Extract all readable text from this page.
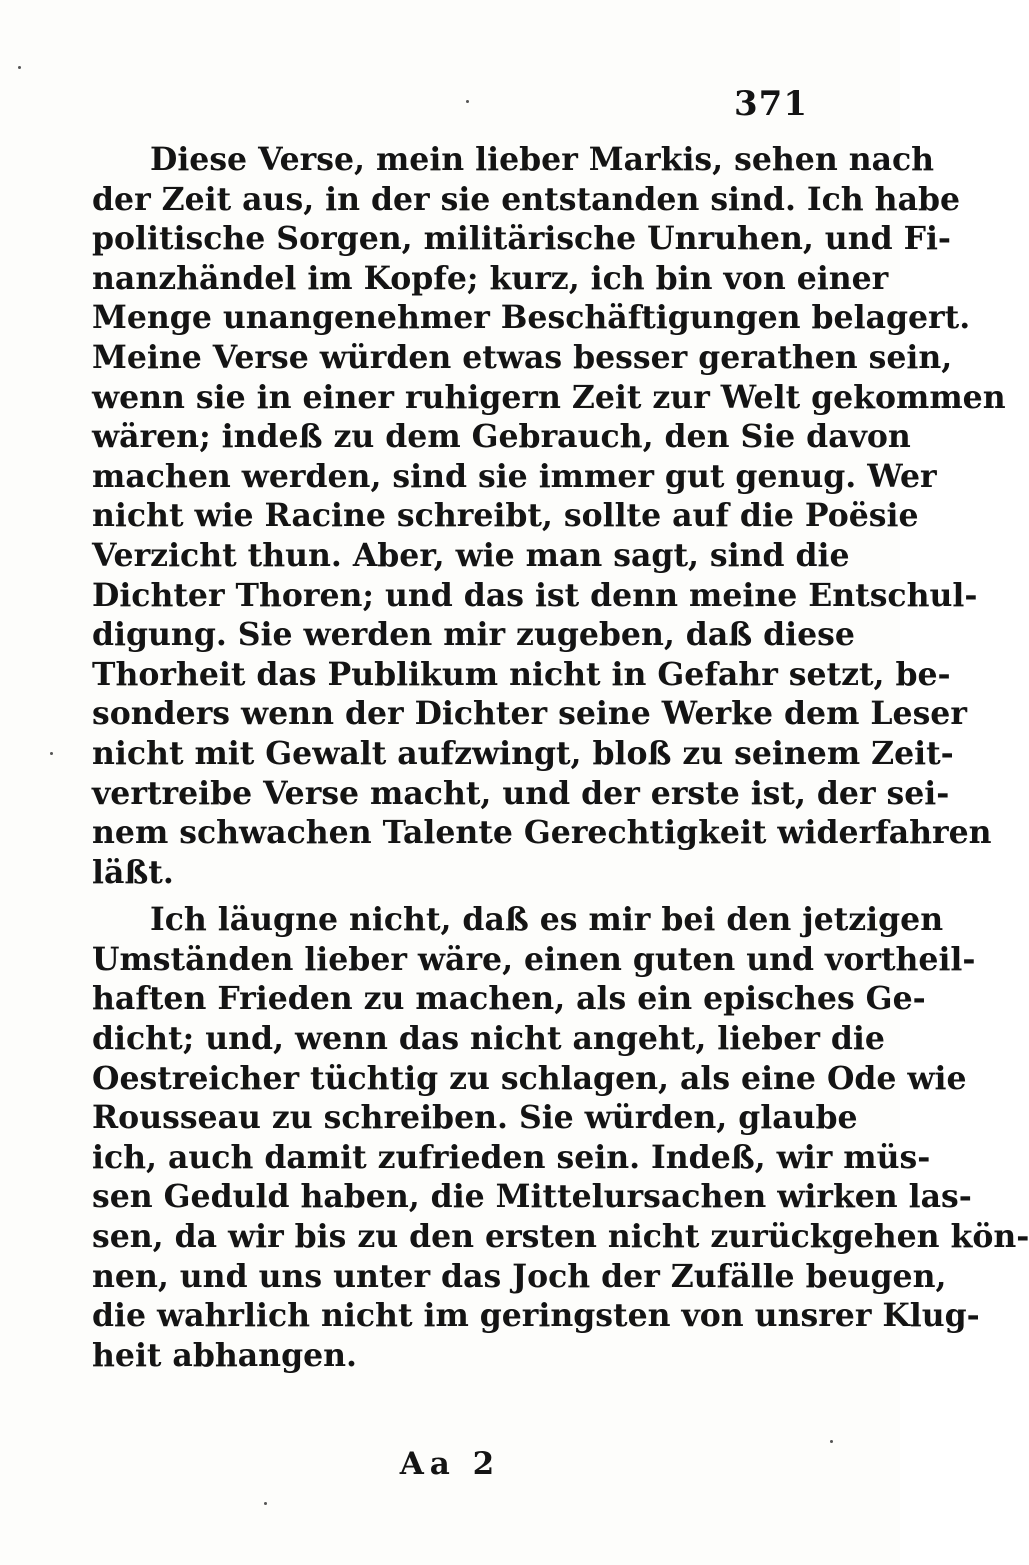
371

Diese Verse, mein lieber Markis, sehen nach
der Zeit aus, in der sie entstanden sind. Ich habe
politische Sorgen, militärische Unruhen, und Fi-
nanzhändel im Kopfe; kurz, ich bin von einer
Menge unangenehmer Beschäftigungen belagert.
Meine Verse würden etwas besser gerathen sein,
wenn sie in einer ruhigern Zeit zur Welt gekommen
wären; indeß zu dem Gebrauch, den Sie davon
machen werden, sind sie immer gut genug. Wer
nicht wie Racine schreibt, sollte auf die Poësie
Verzicht thun. Aber, wie man sagt, sind die
Dichter Thoren; und das ist denn meine Entschul-
digung. Sie werden mir zugeben, daß diese
Thorheit das Publikum nicht in Gefahr setzt, be-
sonders wenn der Dichter seine Werke dem Leser
nicht mit Gewalt aufzwingt, bloß zu seinem Zeit-
vertreibe Verse macht, und der erste ist, der sei-
nem schwachen Talente Gerechtigkeit widerfahren
läßt.

Ich läugne nicht, daß es mir bei den jetzigen
Umständen lieber wäre, einen guten und vortheil-
haften Frieden zu machen, als ein episches Ge-
dicht; und, wenn das nicht angeht, lieber die
Oestreicher tüchtig zu schlagen, als eine Ode wie
Rousseau zu schreiben. Sie würden, glaube
ich, auch damit zufrieden sein. Indeß, wir müs-
sen Geduld haben, die Mittelursachen wirken las-
sen, da wir bis zu den ersten nicht zurückgehen kön-
nen, und uns unter das Joch der Zufälle beugen,
die wahrlich nicht im geringsten von unsrer Klug-
heit abhangen.

Aa 2
